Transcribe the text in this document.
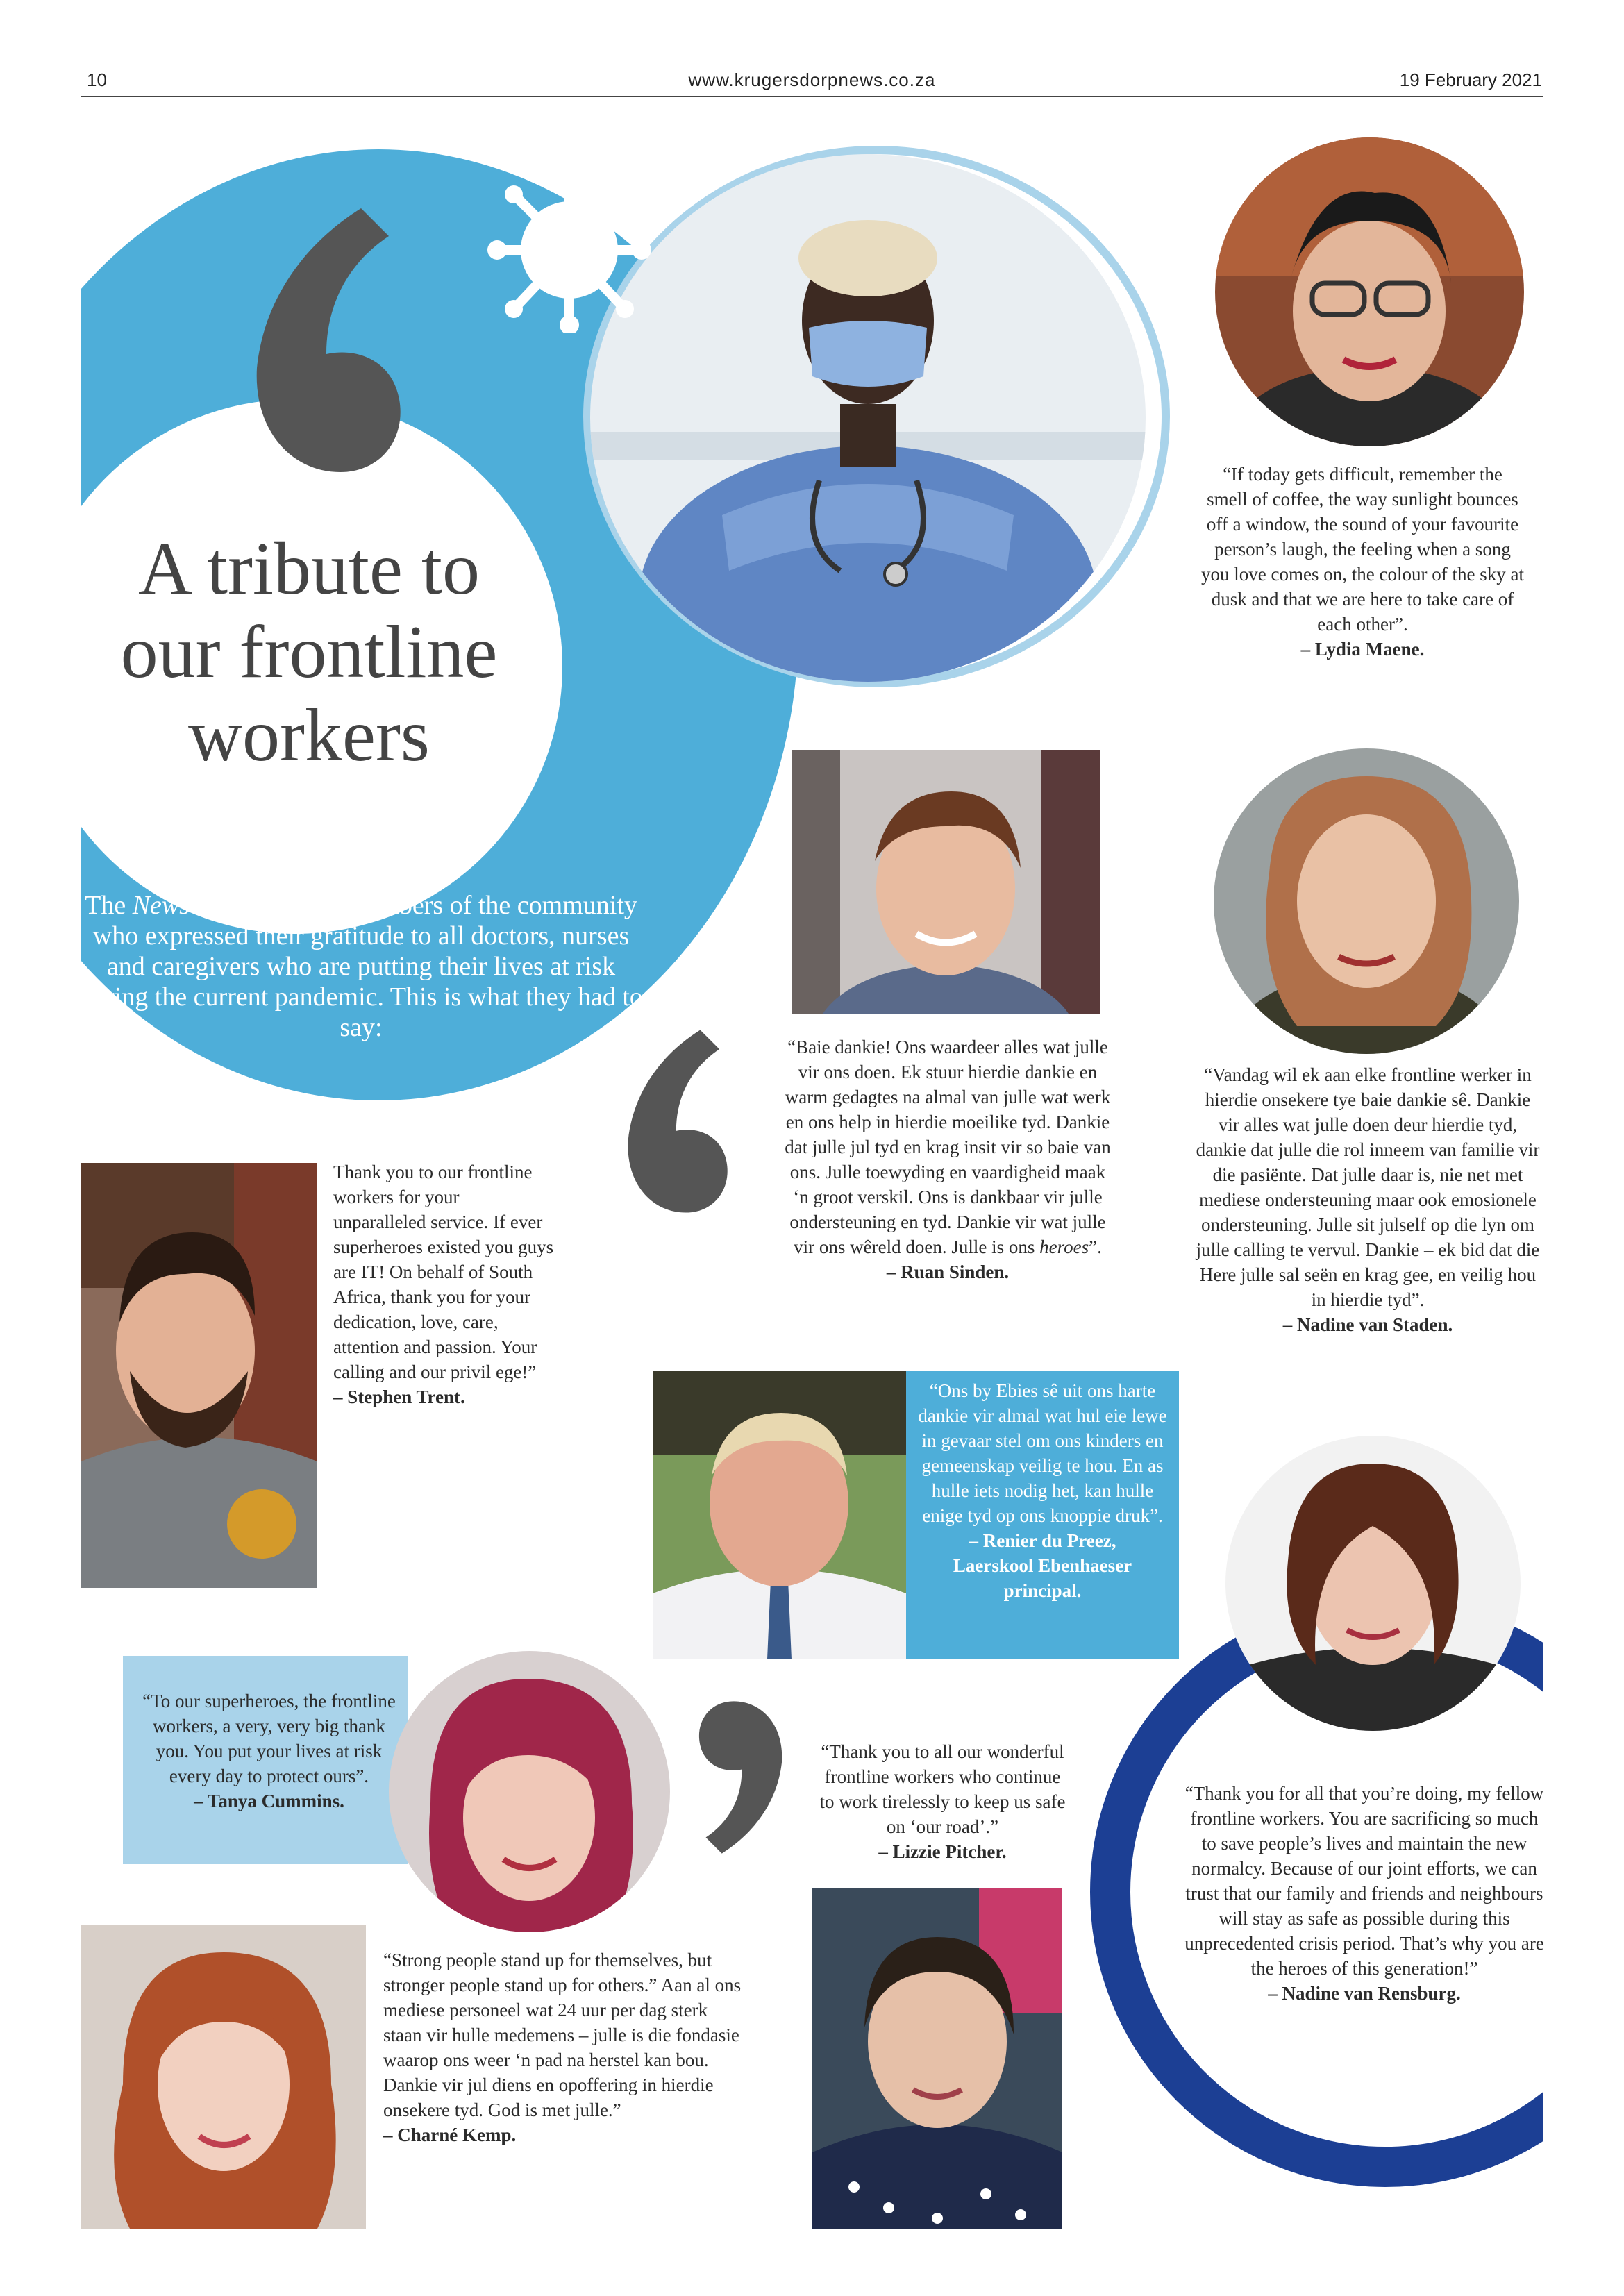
10	www.krugersdorpnews.co.za	19 February 2021
A tribute to
our frontline
workers
The News has spoken to members of the community who expressed their gratitude to all doctors, nurses and caregivers who are putting their lives at risk during the current pandemic. This is what they had to say:
“If today gets difficult, remember the smell of coffee, the way sunlight bounces off a window, the sound of your favourite person’s laugh, the feeling when a song you love comes on, the colour of the sky at dusk and that we are here to take care of each other”.
– Lydia Maene.
“Baie dankie! Ons waardeer alles wat julle vir ons doen. Ek stuur hierdie dankie en warm gedagtes na almal van julle wat werk en ons help in hierdie moeilike tyd. Dankie dat julle jul tyd en krag insit vir so baie van ons. Julle toewyding en vaardigheid maak ‘n groot verskil. Ons is dankbaar vir julle ondersteuning en tyd. Dankie vir wat julle vir ons wêreld doen. Julle is ons heroes”.
– Ruan Sinden.
“Vandag wil ek aan elke frontline werker in hierdie onsekere tye baie dankie sê. Dankie vir alles wat julle doen deur hierdie tyd, dankie dat julle die rol inneem van familie vir die pasiënte. Dat julle daar is, nie net met mediese ondersteuning maar ook emosionele ondersteuning. Julle sit julself op die lyn om julle calling te vervul. Dankie – ek bid dat die Here julle sal seën en krag gee, en veilig hou in hierdie tyd”.
– Nadine van Staden.
Thank you to our frontline workers for your unparalleled service. If ever superheroes existed you guys are IT! On behalf of South Africa, thank you for your dedication, love, care, attention and passion. Your calling and our privil ege!”
– Stephen Trent.	“Ons by Ebies sê uit ons harte dankie vir almal wat hul eie lewe in gevaar stel om ons kinders en gemeenskap veilig te hou. En as hulle iets nodig het, kan hulle enige tyd op ons knoppie druk”.
– Renier du Preez,
Laerskool Ebenhaeser
principal.
“To our superheroes, the frontline workers, a very, very big thank you. You put your lives at risk every day to protect ours”.
– Tanya Cummins.
“Thank you to all our wonderful frontline workers who continue to work tirelessly to keep us safe on ‘our road’.”
– Lizzie Pitcher.
“Thank you for all that you’re doing, my fellow frontline workers. You are sacrificing so much to save people’s lives and maintain the new normalcy. Because of our joint efforts, we can trust that our family and friends and neighbours will stay as safe as possible during this unprecedented crisis period. That’s why you are the heroes of this generation!”
– Nadine van Rensburg.
“Strong people stand up for themselves, but stronger people stand up for others.” Aan al ons mediese personeel wat 24 uur per dag sterk staan vir hulle medemens – julle is die fondasie waarop ons weer ‘n pad na herstel kan bou. Dankie vir jul diens en opoffering in hierdie onsekere tyd. God is met julle.”
– Charné Kemp.
